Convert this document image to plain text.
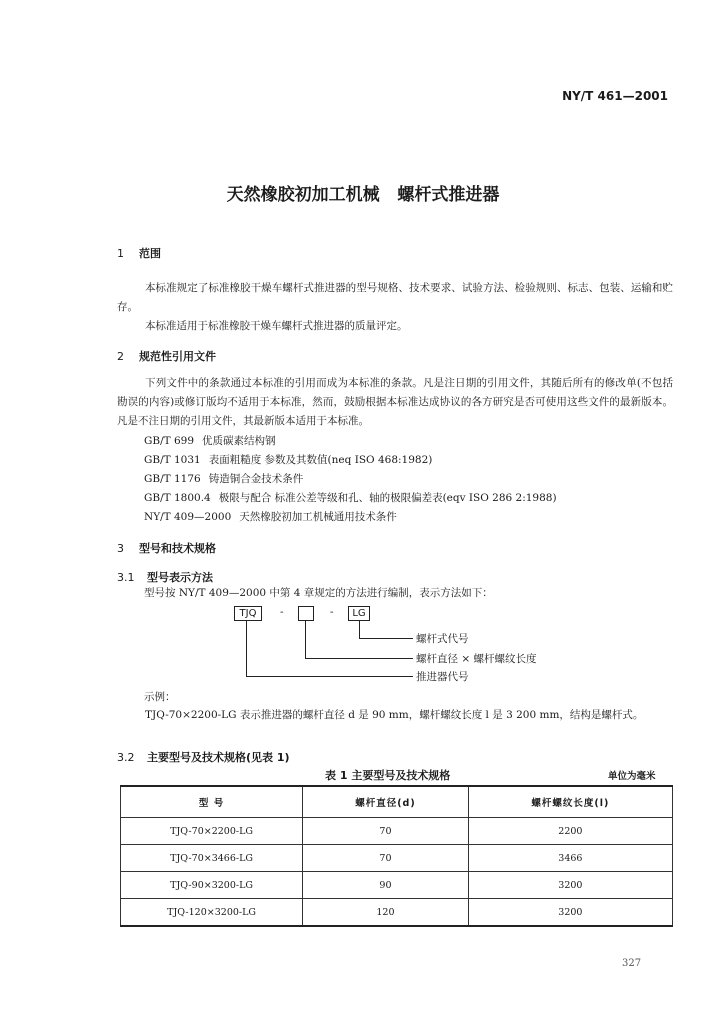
NY/T 461—2001
天然橡胶初加工机械   螺杆式推进器
1 范围
本标准规定了标准橡胶干燥车螺杆式推进器的型号规格、技术要求、试验方法、检验规则、标志、包装、运输和贮存。
本标准适用于标准橡胶干燥车螺杆式推进器的质量评定。
2 规范性引用文件
下列文件中的条款通过本标准的引用而成为本标准的条款。凡是注日期的引用文件，其随后所有的修改单(不包括勘误的内容)或修订版均不适用于本标准，然而，鼓励根据本标准达成协议的各方研究是否可使用这些文件的最新版本。凡是不注日期的引用文件，其最新版本适用于本标准。
GB/T 699 优质碳素结构钢
GB/T 1031 表面粗糙度 参数及其数值(neq ISO 468:1982)
GB/T 1176 铸造铜合金技术条件
GB/T 1800.4 极限与配合 标准公差等级和孔、轴的极限偏差表(eqv ISO 286 2:1988)
NY/T 409—2000 天然橡胶初加工机械通用技术条件
3 型号和技术规格
3.1 型号表示方法
型号按 NY/T 409—2000 中第 4 章规定的方法进行编制，表示方法如下：
TJQ	-	-	LG
螺杆式代号
螺杆直径 × 螺杆螺纹长度
推进器代号
示例：
TJQ-70×2200-LG 表示推进器的螺杆直径 d 是 90 mm，螺杆螺纹长度 l 是 3 200 mm，结构是螺杆式。
3.2 主要型号及技术规格(见表 1)
表 1 主要型号及技术规格	单位为毫米
型 号	螺杆直径(d)	螺杆螺纹长度(l)
TJQ-70×2200-LG	70	2200
TJQ-70×3466-LG	70	3466
TJQ-90×3200-LG	90	3200
TJQ-120×3200-LG	120	3200
327
